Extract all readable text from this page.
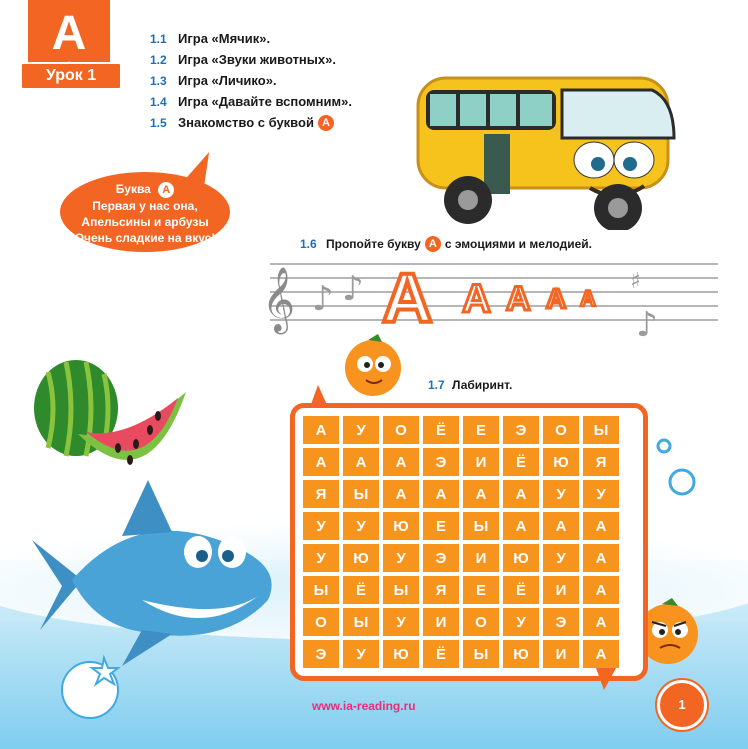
А
Урок 1
1.1 Игра «Мячик».
1.2 Игра «Звуки животных».
1.3 Игра «Личико».
1.4 Игра «Давайте вспомним».
1.5 Знакомство с буквой А
Буква А
Первая у нас она,
Апельсины и арбузы
Очень сладкие на вкус!	1.6 Пропойте букву А с эмоциями и мелодией.
𝄞 ♪ ♪	♯
♪
А А А А А
1.7 Лабиринт.
А	У	О	Ё	Е	Э	О	Ы
А	А	А	Э	И	Ё	Ю	Я
Я	Ы	А	А	А	А	У	У
У	У	Ю	Е	Ы	А	А	А
У	Ю	У	Э	И	Ю	У	А
Ы	Ё	Ы	Я	Е	Ё	И	А
О	Ы	У	И	О	У	Э	А
Э	У	Ю	Ё	Ы	Ю	И	А
www.ia-reading.ru	1
